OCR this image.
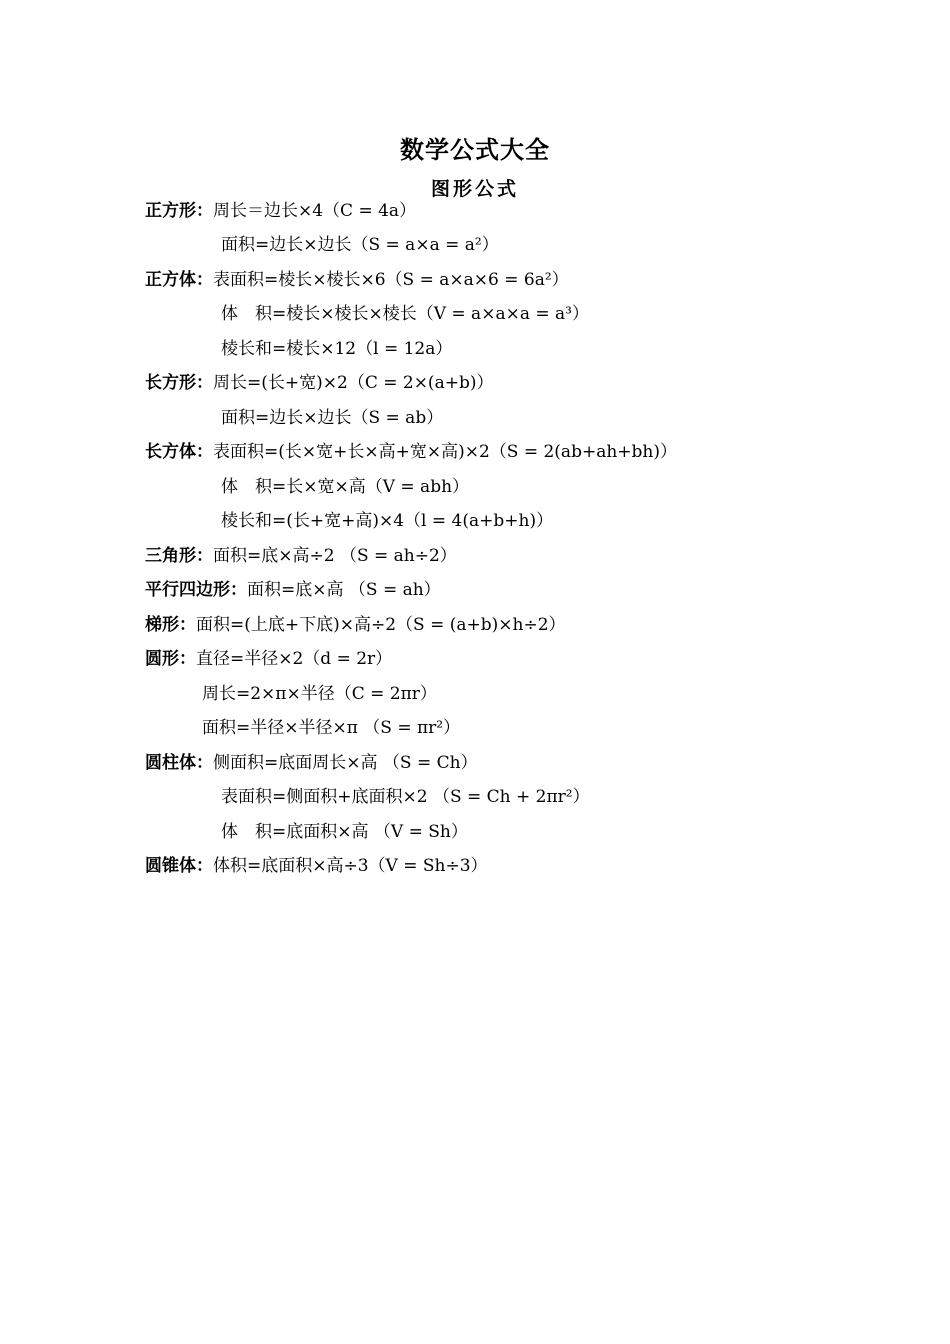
数学公式大全
图形公式
正方形：周长＝边长×4（C = 4a）
面积=边长×边长（S = a×a = a²）
正方体：表面积=棱长×棱长×6（S = a×a×6 = 6a²）
体　积=棱长×棱长×棱长（V = a×a×a = a³）
棱长和=棱长×12（l = 12a）
长方形：周长=(长+宽)×2（C = 2×(a+b)）
面积=边长×边长（S = ab）
长方体：表面积=(长×宽+长×高+宽×高)×2（S = 2(ab+ah+bh)）
体　积=长×宽×高（V = abh）
棱长和=(长+宽+高)×4（l = 4(a+b+h)）
三角形：面积=底×高÷2 （S = ah÷2）
平行四边形：面积=底×高 （S = ah）
梯形：面积=(上底+下底)×高÷2（S = (a+b)×h÷2）
圆形：直径=半径×2（d = 2r）
周长=2×π×半径（C = 2πr）
面积=半径×半径×π （S = πr²）
圆柱体：侧面积=底面周长×高 （S = Ch）
表面积=侧面积+底面积×2 （S = Ch + 2πr²）
体　积=底面积×高 （V = Sh）
圆锥体：体积=底面积×高÷3（V = Sh÷3）
